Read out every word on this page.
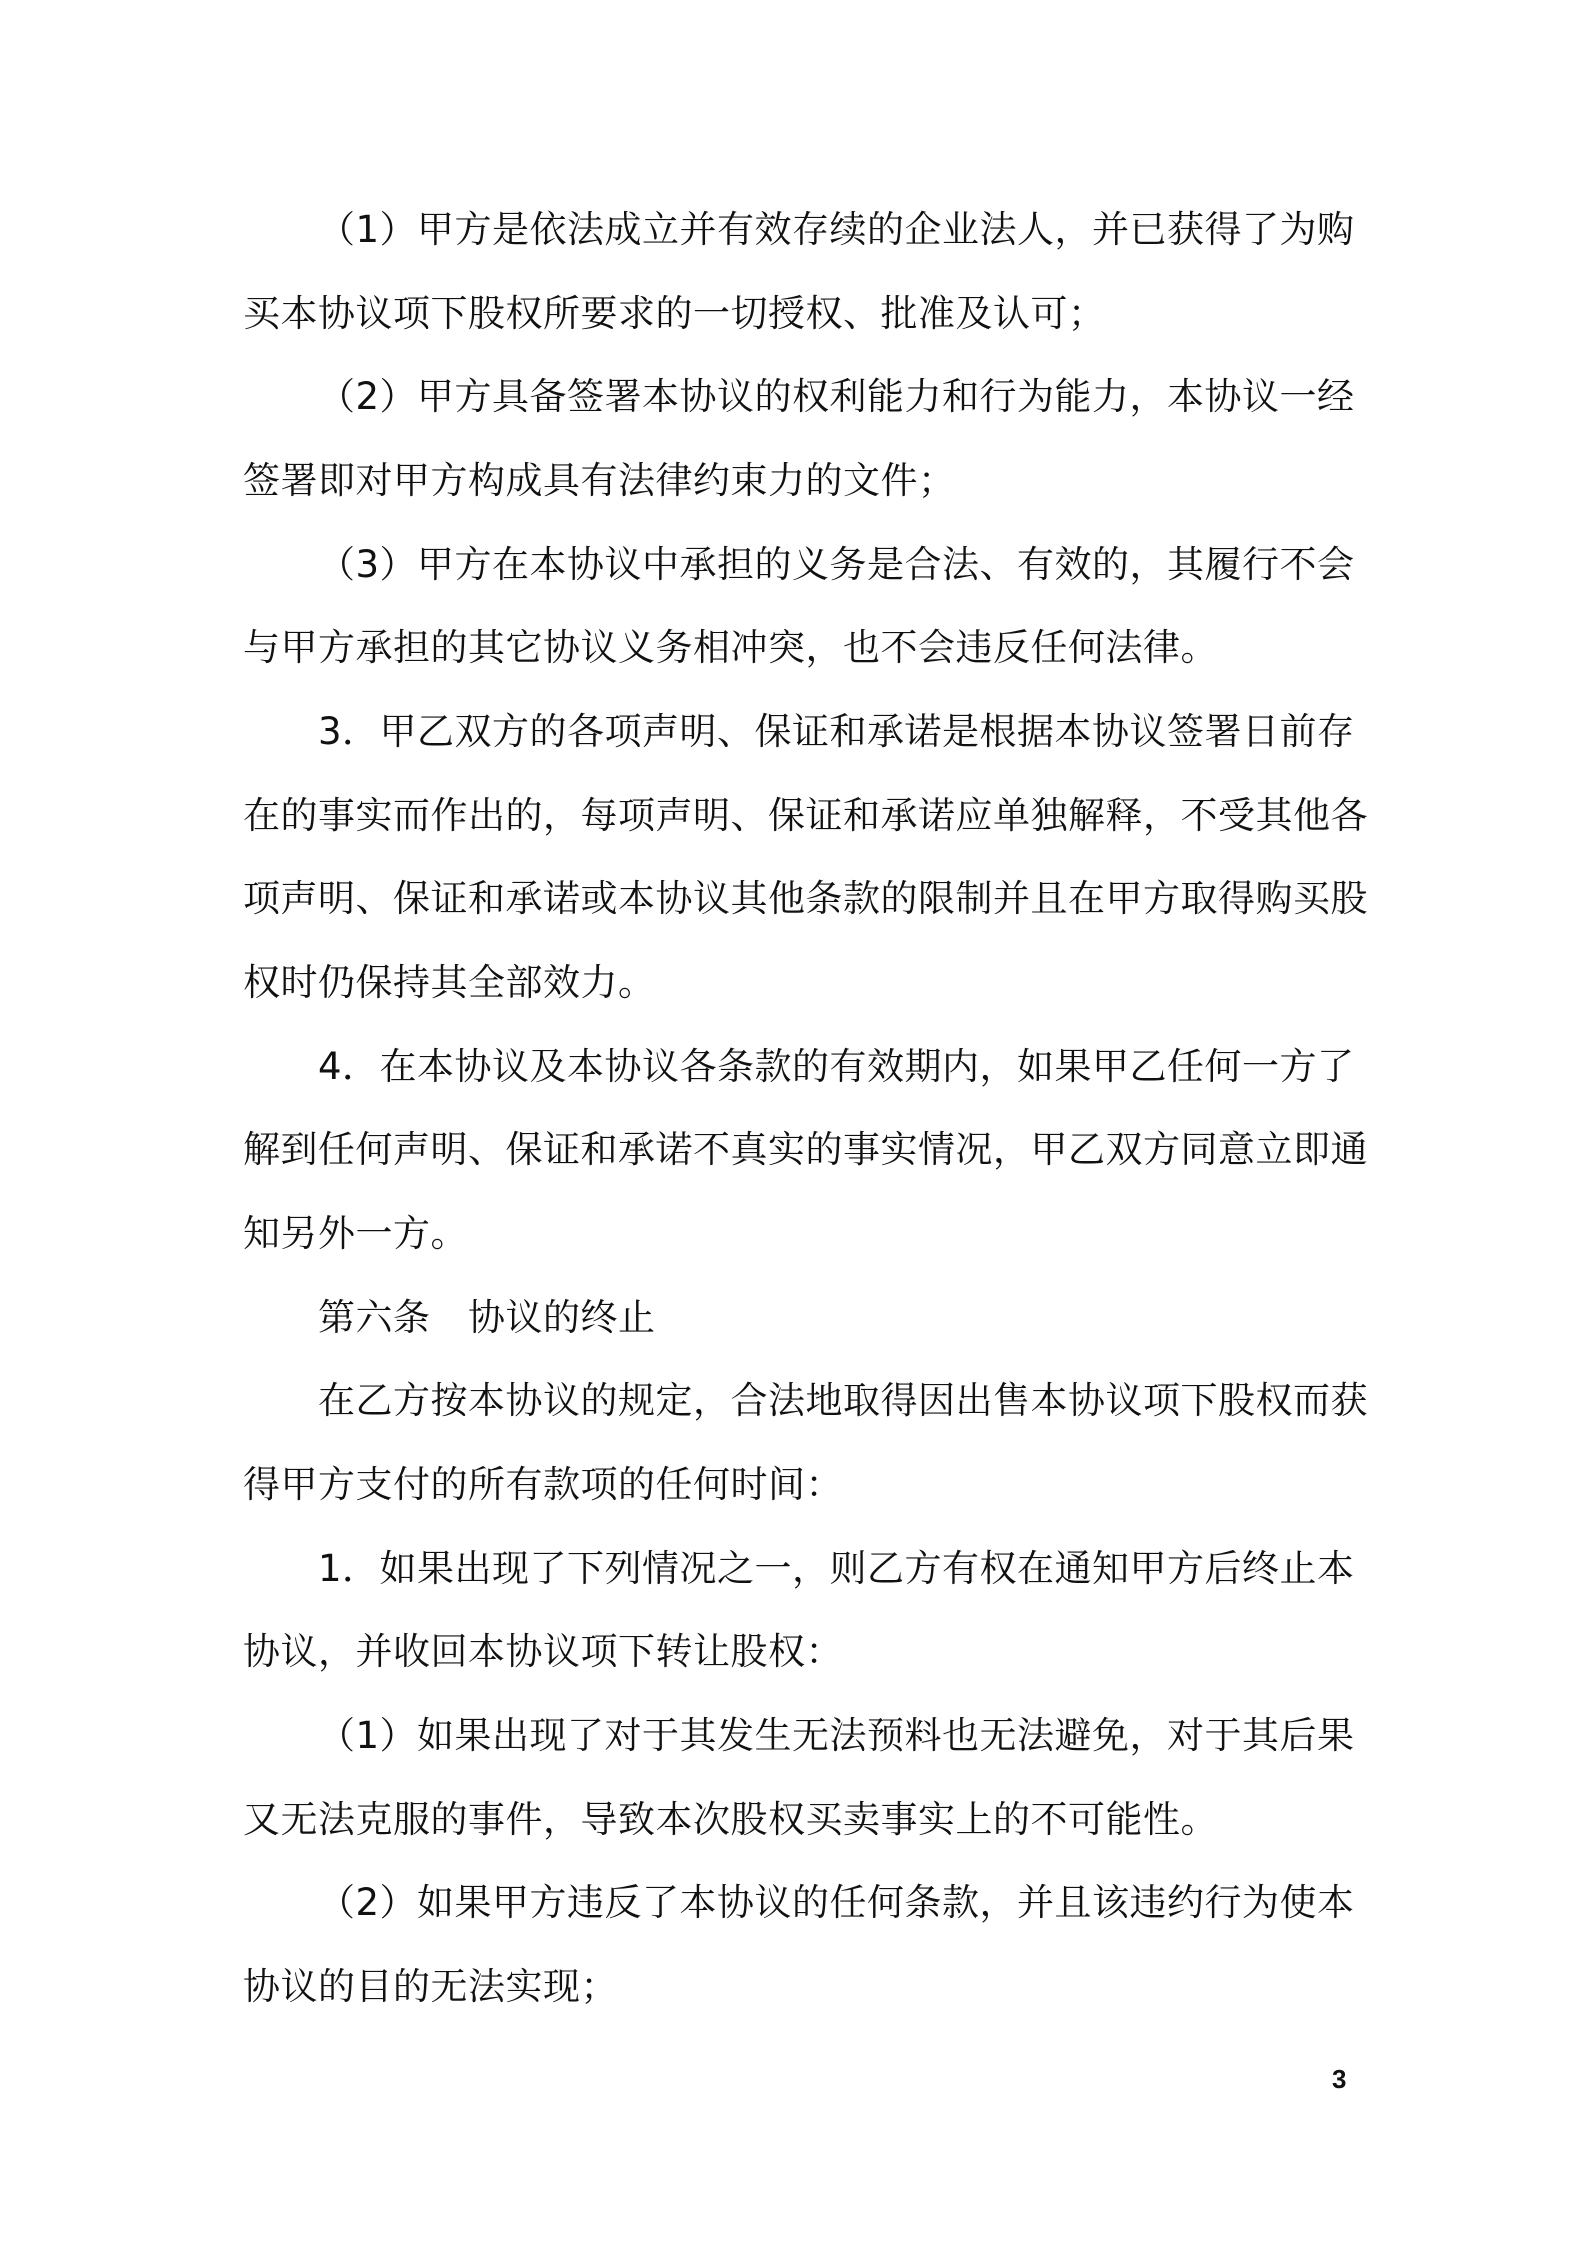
（1）甲方是依法成立并有效存续的企业法人，并已获得了为购
买本协议项下股权所要求的一切授权、批准及认可；
（2）甲方具备签署本协议的权利能力和行为能力，本协议一经
签署即对甲方构成具有法律约束力的文件；
（3）甲方在本协议中承担的义务是合法、有效的，其履行不会
与甲方承担的其它协议义务相冲突，也不会违反任何法律。
3．甲乙双方的各项声明、保证和承诺是根据本协议签署日前存
在的事实而作出的，每项声明、保证和承诺应单独解释，不受其他各
项声明、保证和承诺或本协议其他条款的限制并且在甲方取得购买股
权时仍保持其全部效力。
4．在本协议及本协议各条款的有效期内，如果甲乙任何一方了
解到任何声明、保证和承诺不真实的事实情况，甲乙双方同意立即通
知另外一方。
第六条　协议的终止
在乙方按本协议的规定，合法地取得因出售本协议项下股权而获
得甲方支付的所有款项的任何时间：
1．如果出现了下列情况之一，则乙方有权在通知甲方后终止本
协议，并收回本协议项下转让股权：
（1）如果出现了对于其发生无法预料也无法避免，对于其后果
又无法克服的事件，导致本次股权买卖事实上的不可能性。
（2）如果甲方违反了本协议的任何条款，并且该违约行为使本
协议的目的无法实现；
3
